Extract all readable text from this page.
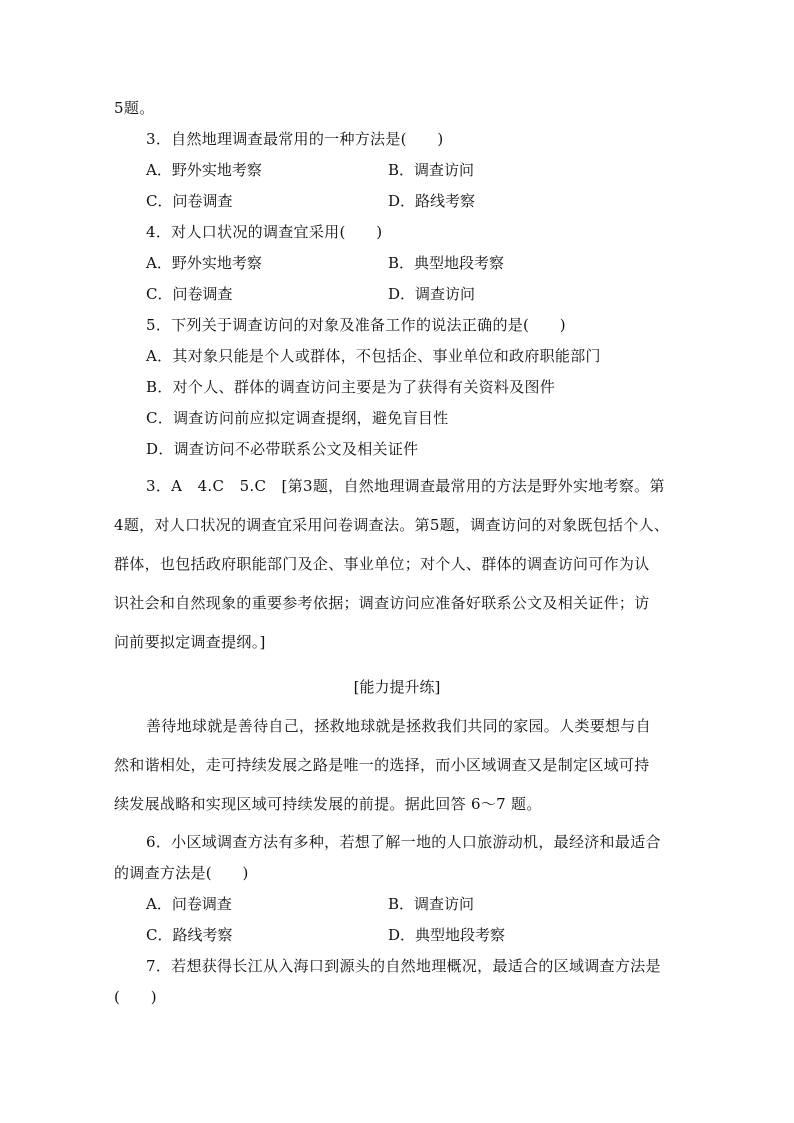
5题。
3．自然地理调查最常用的一种方法是(　　)
A．野外实地考察	B．调查访问
C．问卷调查	D．路线考察
4．对人口状况的调查宜采用(　　)
A．野外实地考察	B．典型地段考察
C．问卷调查	D．调查访问
5．下列关于调查访问的对象及准备工作的说法正确的是(　　)
A．其对象只能是个人或群体，不包括企、事业单位和政府职能部门
B．对个人、群体的调查访问主要是为了获得有关资料及图件
C．调查访问前应拟定调查提纲，避免盲目性
D．调查访问不必带联系公文及相关证件
3．A　4.C　5.C　[第3题，自然地理调查最常用的方法是野外实地考察。第
4题，对人口状况的调查宜采用问卷调查法。第5题，调查访问的对象既包括个人、
群体，也包括政府职能部门及企、事业单位；对个人、群体的调查访问可作为认
识社会和自然现象的重要参考依据；调查访问应准备好联系公文及相关证件；访
问前要拟定调查提纲。]
[能力提升练]
善待地球就是善待自己，拯救地球就是拯救我们共同的家园。人类要想与自
然和谐相处，走可持续发展之路是唯一的选择，而小区域调查又是制定区域可持
续发展战略和实现区域可持续发展的前提。据此回答 6～7 题。
6．小区域调查方法有多种，若想了解一地的人口旅游动机，最经济和最适合
的调查方法是(　　)
A．问卷调查	B．调查访问
C．路线考察	D．典型地段考察
7．若想获得长江从入海口到源头的自然地理概况，最适合的区域调查方法是
(　　)
